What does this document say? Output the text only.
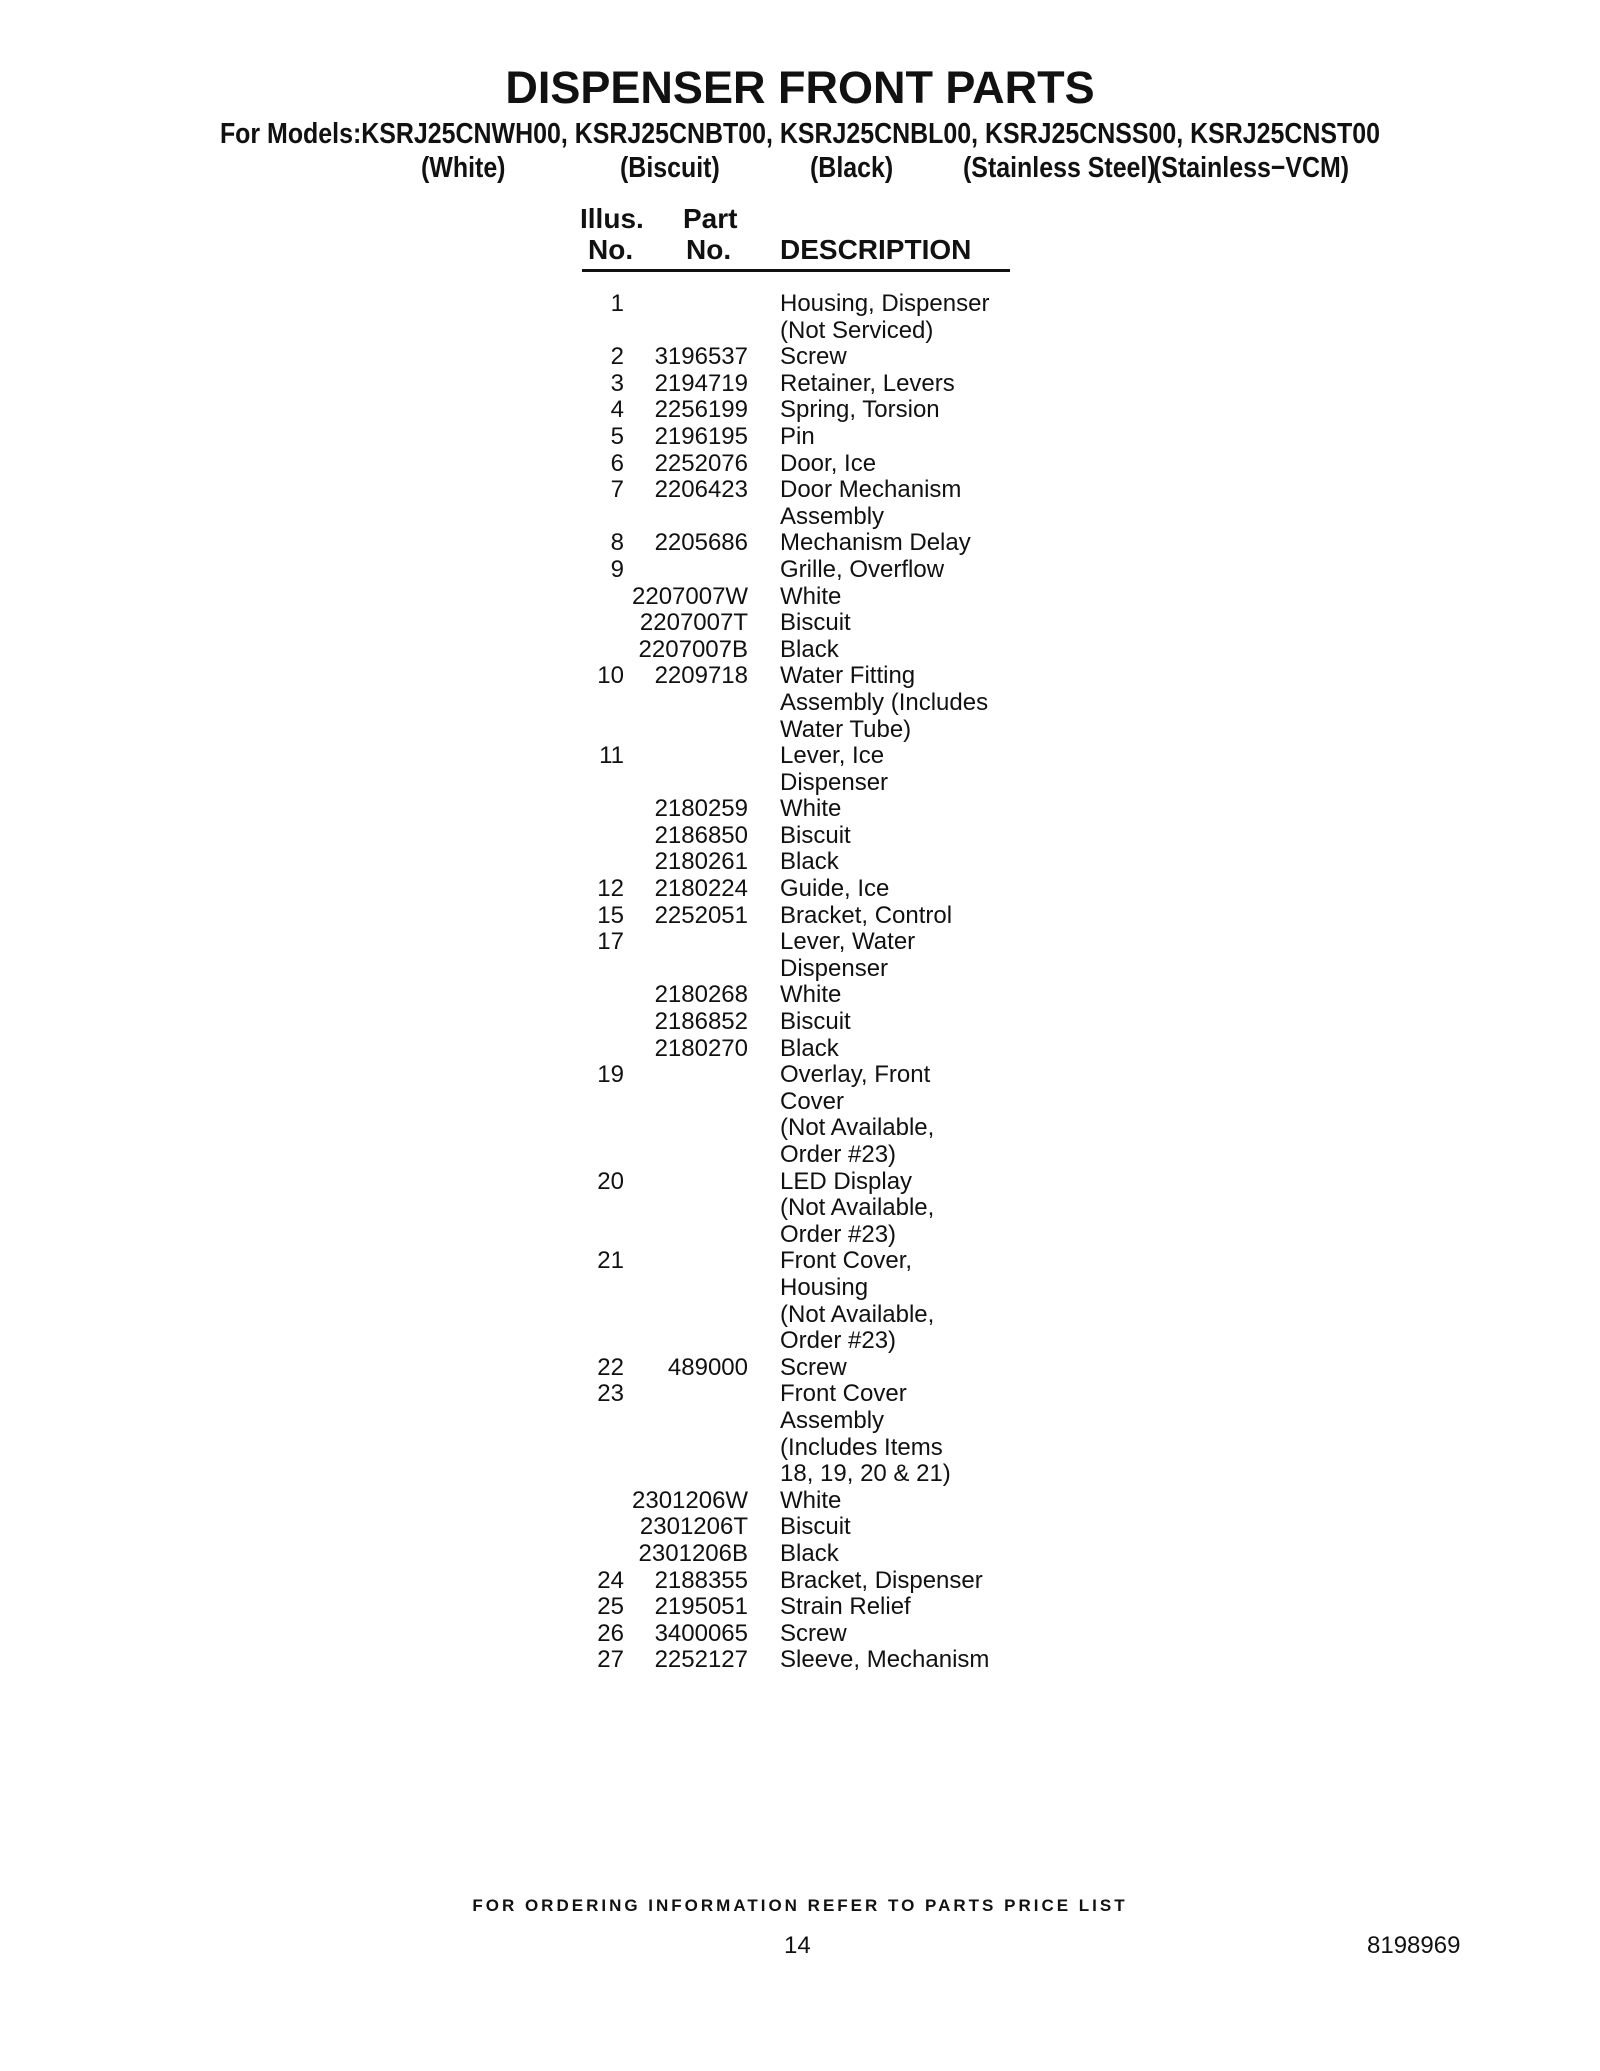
DISPENSER FRONT PARTS
For Models:KSRJ25CNWH00, KSRJ25CNBT00, KSRJ25CNBL00, KSRJ25CNSS00, KSRJ25CNST00
(White)	(Biscuit)	(Black) (Stainless Steel)
(Stainless−VCM)
Illus.
No.
Part
No. DESCRIPTION
1	Housing, Dispenser
(Not Serviced)
2	3196537 Screw
3	2194719 Retainer, Levers
4	2256199 Spring, Torsion
5	2196195 Pin
6	2252076 Door, Ice
7	2206423 Door Mechanism
Assembly
8	2205686 Mechanism Delay
9	Grille, Overflow
2207007W White
2207007T Biscuit
2207007B Black
10	2209718 Water Fitting
Assembly (Includes
Water Tube)
11	Lever, Ice
Dispenser
2180259 White
2186850 Biscuit
2180261 Black
12	2180224 Guide, Ice
15	2252051 Bracket, Control
17	Lever, Water
Dispenser
2180268 White
2186852 Biscuit
2180270 Black
19	Overlay, Front
Cover
(Not Available,
Order #23)
20	LED Display
(Not Available,
Order #23)
21	Front Cover,
Housing
(Not Available,
Order #23)
22	489000 Screw
23	Front Cover
Assembly
(Includes Items
18, 19, 20 & 21)
2301206W White
2301206T Biscuit
2301206B Black
24	2188355 Bracket, Dispenser
25	2195051 Strain Relief
26	3400065 Screw
27	2252127 Sleeve, Mechanism
FOR ORDERING INFORMATION REFER TO PARTS PRICE LIST
14	8198969
